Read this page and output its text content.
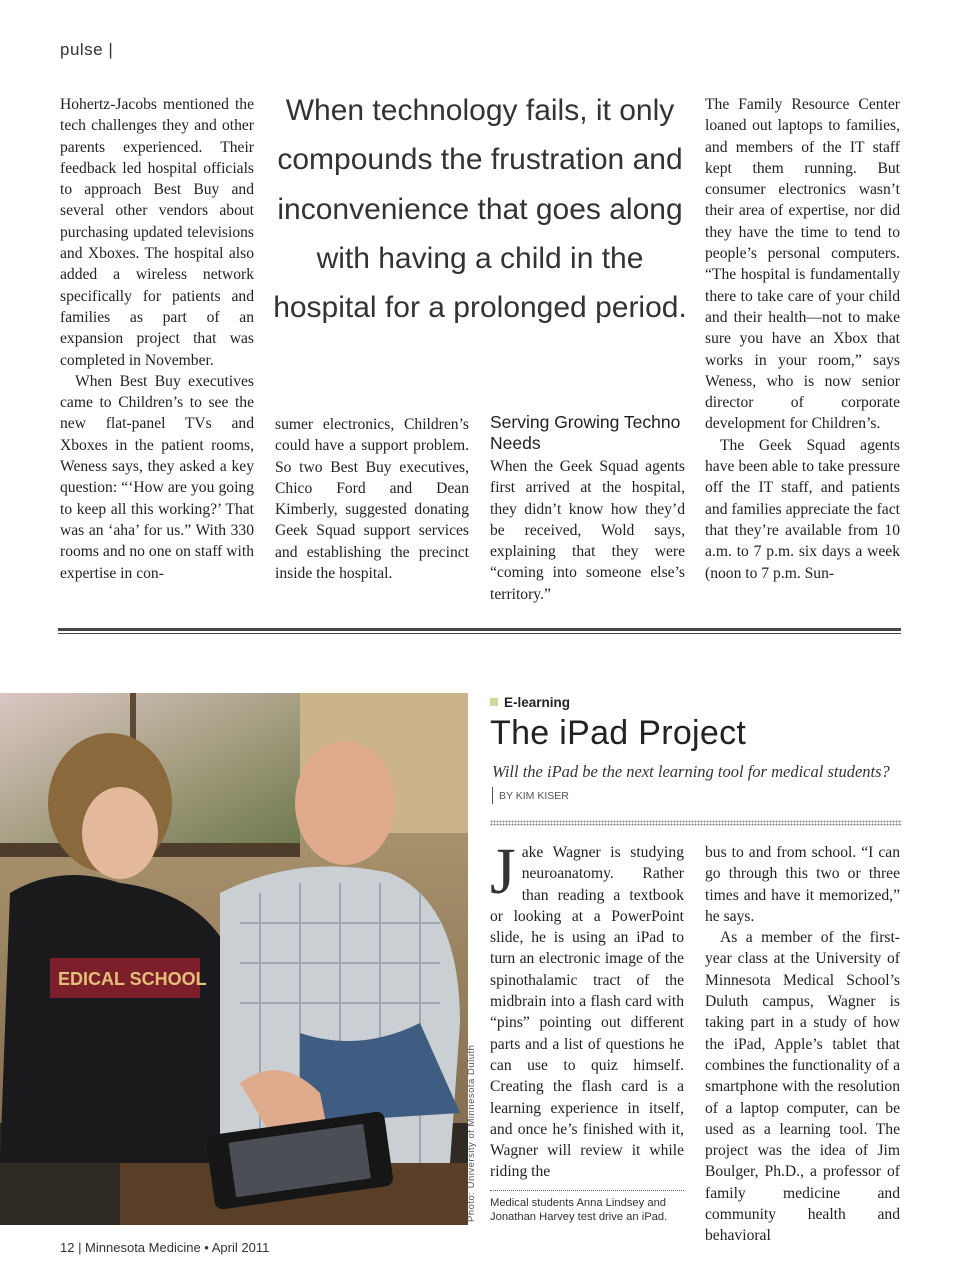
pulse |

Hohertz-Jacobs mentioned the tech challenges they and other parents experienced. Their feedback led hospital officials to approach Best Buy and several other vendors about purchasing updated televisions and Xboxes. The hospital also added a wireless network specifically for patients and families as part of an expansion project that was completed in November.

When Best Buy executives came to Children’s to see the new flat-panel TVs and Xboxes in the patient rooms, Weness says, they asked a key question: “‘How are you going to keep all this working?’ That was an ‘aha’ for us.” With 330 rooms and no one on staff with expertise in con-

When technology fails, it only compounds the frustration and inconvenience that goes along with having a child in the hospital for a prolonged period.

sumer electronics, Children’s could have a support problem. So two Best Buy executives, Chico Ford and Dean Kimberly, suggested donating Geek Squad support services and establishing the precinct inside the hospital.

Serving Growing Techno Needs

When the Geek Squad agents first arrived at the hospital, they didn’t know how they’d be received, Wold says, explaining that they were “coming into someone else’s territory.”

The Family Resource Center loaned out laptops to families, and members of the IT staff kept them running. But consumer electronics wasn’t their area of expertise, nor did they have the time to tend to people’s personal computers. “The hospital is fundamentally there to take care of your child and their health—not to make sure you have an Xbox that works in your room,” says Weness, who is now senior director of corporate development for Children’s.

The Geek Squad agents have been able to take pressure off the IT staff, and patients and families appreciate the fact that they’re available from 10 a.m. to 7 p.m. six days a week (noon to 7 p.m. Sun-

EDICAL SCHOOL
Photo: University of Minnesota Duluth
E-learning
The iPad Project
Will the iPad be the next learning tool for medical students?
BY KIM KISER

Jake Wagner is studying neuroanatomy. Rather than reading a textbook or looking at a PowerPoint slide, he is using an iPad to turn an electronic image of the spinothalamic tract of the midbrain into a flash card with “pins” pointing out different parts and a list of questions he can use to quiz himself. Creating the flash card is a learning experience in itself, and once he’s finished with it, Wagner will review it while riding the

bus to and from school. “I can go through this two or three times and have it memorized,” he says.

As a member of the first-year class at the University of Minnesota Medical School’s Duluth campus, Wagner is taking part in a study of how the iPad, Apple’s tablet that combines the functionality of a smartphone with the resolution of a laptop computer, can be used as a learning tool. The project was the idea of Jim Boulger, Ph.D., a professor of family medicine and community health and behavioral

Medical students Anna Lindsey and Jonathan Harvey test drive an iPad.
12 | Minnesota Medicine • April 2011
